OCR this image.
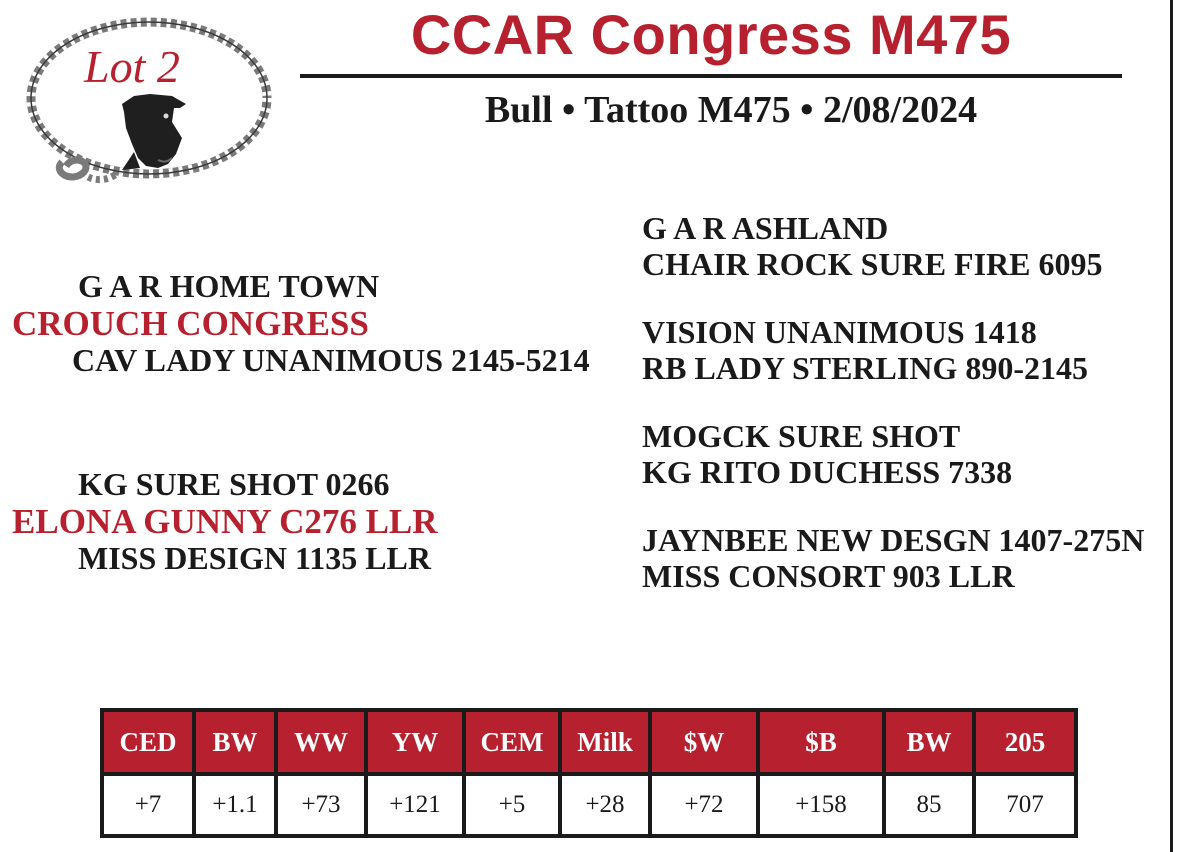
Lot 2
CCAR Congress M475
Bull • Tattoo M475 • 2/08/2024
G A R HOME TOWN
CROUCH CONGRESS
CAV LADY UNANIMOUS 2145-5214
KG SURE SHOT 0266
ELONA GUNNY C276 LLR
MISS DESIGN 1135 LLR
G A R ASHLAND
CHAIR ROCK SURE FIRE 6095
VISION UNANIMOUS 1418
RB LADY STERLING 890-2145
MOGCK SURE SHOT
KG RITO DUCHESS 7338
JAYNBEE NEW DESGN 1407-275N
MISS CONSORT 903 LLR
CED	BW	WW	YW	CEM	Milk	$W	$B	BW	205
+7	+1.1	+73	+121	+5	+28	+72	+158	85	707
